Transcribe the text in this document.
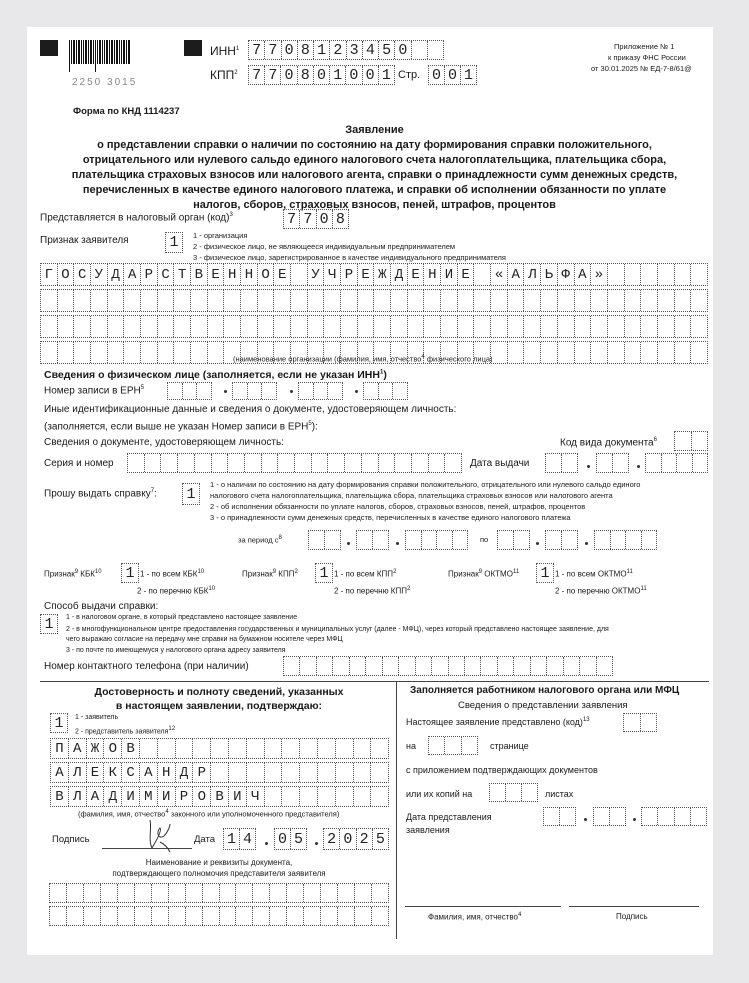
2250 3015
ИНН$^1$ 7 7 0 8 1 2 3 4 5 0
КПП$^2$ 7 7 0 8 0 1 0 0 1 Стр. 0 0 1
Приложение № 1
к приказу ФНС России
от 30.01.2025 № ЕД-7-8/61@
Форма по КНД 1114237
Заявление
о представлении справки о наличии по состоянию на дату формирования справки положительного,
отрицательного или нулевого сальдо единого налогового счета налогоплательщика, плательщика сбора,
плательщика страховых взносов или налогового агента, справки о принадлежности сумм денежных средств,
перечисленных в качестве единого налогового платежа, и справки об исполнении обязанности по уплате
налогов, сборов, страховых взносов, пеней, штрафов, процентов
Представляется в налоговый орган (код)$^3$	7 7 0 8
Признак заявителя	1	1 - организация
2 - физическое лицо, не являющееся индивидуальным предпринимателем
3 - физическое лицо, зарегистрированное в качестве индивидуального предпринимателя
Г О С У Д А Р С Т В Е Н Н О Е	У Ч Р Е Ж Д Е Н И Е	« А Л Ь Ф А »
(наименование организации (фамилия, имя, отчество$^4$ физического лица)
Сведения о физическом лице (заполняется, если не указан ИНН$^1$)
Номер записи в ЕРН$^5$
Иные идентификационные данные и сведения о документе, удостоверяющем личность:
(заполняется, если выше не указан Номер записи в ЕРН$^5$):
Сведения о документе, удостоверяющем личность:	Код вида документа$^6$
Серия и номер	Дата выдачи
Прошу выдать справку$^7$: 1
1 - о наличии по состоянию на дату формирования справки положительного, отрицательного или нулевого сальдо единого
налогового счета налогоплательщика, плательщика сбора, плательщика страховых взносов или налогового агента
2 - об исполнении обязанности по уплате налогов, сборов, страховых взносов, пеней, штрафов, процентов
3 - о принадлежности сумм денежных средств, перечисленных в качестве единого налогового платежа
за период $с^8$	по
Признак$^9$ КБК$^{10}$ 1 1 - по всем КБК$^{10}$
2 - по перечню КБК$^{10}$
Признак$^9$ КПП$^2$ 1 1 - по всем КПП$^2$
2 - по перечню КПП$^2$
Признак$^9$ ОКТМО$^{11}$ 1 1 - по всем ОКТМО$^{11}$
2 - по перечню ОКТМО$^{11}$
Способ выдачи справки:
1	1 - в налоговом органе, в который представлено настоящее заявление
2 - в многофункциональном центре предоставления государственных и муниципальных услуг (далее - МФЦ), через который представлено настоящее заявление, для
чего выражаю согласие на передачу мне справки на бумажном носителе через МФЦ
3 - по почте по имеющемуся у налогового органа адресу заявителя
Номер контактного телефона (при наличии)
Достоверность и полноту сведений, указанных
в настоящем заявлении, подтверждаю:
1	1 - заявитель
2 - представитель заявителя$^{12}$
П А Ж О В
А Л Е К С А Н Д Р
В Л А Д И М И Р О В И Ч
(фамилия, имя, отчество$^4$ законного или уполномоченного представителя)
Подпись	Дата 1 4 0 5 2 0 2 5
Наименование и реквизиты документа,
подтверждающего полномочия представителя заявителя
Заполняется работником налогового органа или МФЦ
Сведения о представлении заявления
Настоящее заявление представлено (код)$^{13}$
на	странице
с приложением подтверждающих документов
или их копий на	листах
Дата представления
заявления
Фамилия, имя, отчество$^4$	Подпись
